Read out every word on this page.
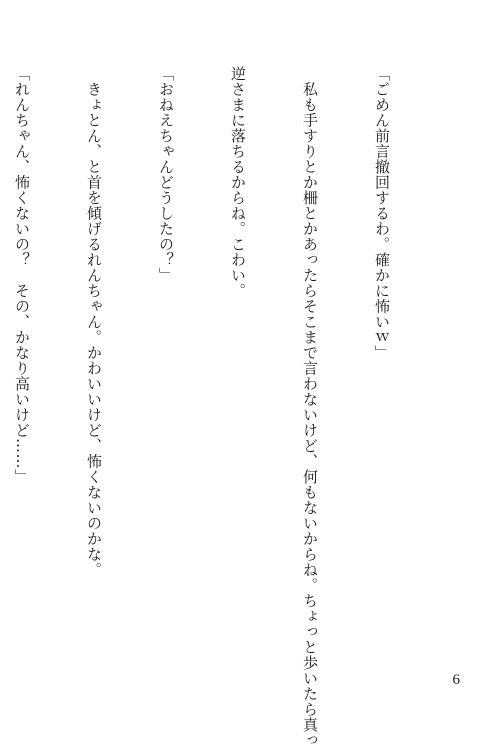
「ごめん前言撤回するわ。確かに怖いｗ」

　私も手すりとか柵とかあったらそこまで言わないけど、何もないからね。ちょっと歩いたら真っ

逆さまに落ちるからね。こわい。

「おねえちゃんどうしたの？」

　きょとん、と首を傾げるれんちゃん。かわいいけど、怖くないのかな。

「れんちゃん、怖くないの？　その、かなり高いけど……」

6
